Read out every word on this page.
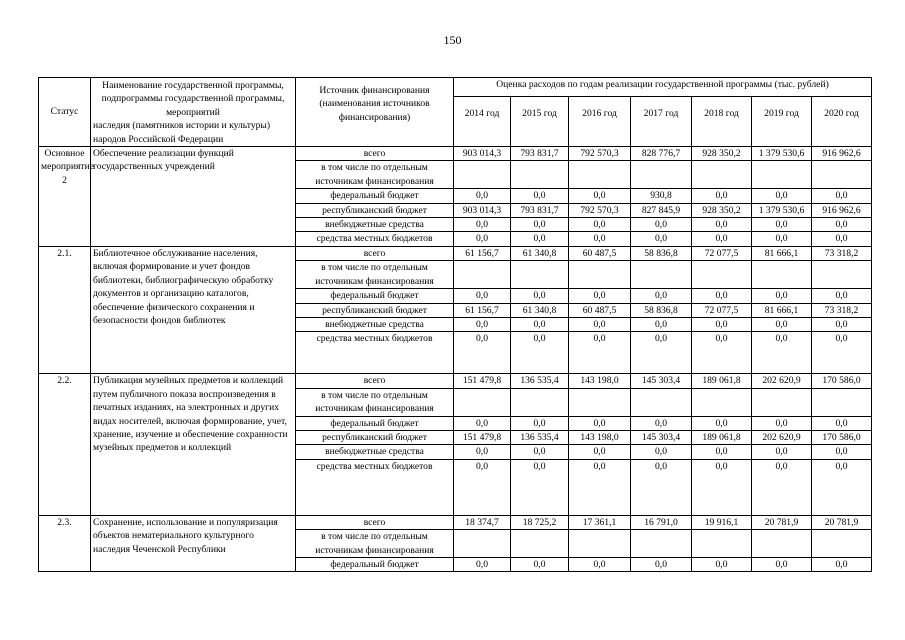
150
Статус	Наименование государственной программы, подпрограммы государственной программы, мероприятий
наследия (памятников истории и культуры) народов Российской Федерации	Источник финансирования (наименования источников финансирования)	Оценка расходов по годам реализации государственной программы (тыс. рублей)						
			2014 год	2015 год	2016 год	2017 год	2018 год	2019 год	2020 год
Основное мероприятие 2	Обеспечение реализации функций государственных учреждений	всего	903 014,3	793 831,7	792 570,3	828 776,7	928 350,2	1 379 530,6	916 962,6
		в том числе по отдельным источникам финансирования							
		федеральный бюджет	0,0	0,0	0,0	930,8	0,0	0,0	0,0
		республиканский бюджет	903 014,3	793 831,7	792 570,3	827 845,9	928 350,2	1 379 530,6	916 962,6
		внебюджетные средства	0,0	0,0	0,0	0,0	0,0	0,0	0,0
		средства местных бюджетов	0,0	0,0	0,0	0,0	0,0	0,0	0,0
2.1.	Библиотечное обслуживание населения, включая формирование и учет фондов библиотеки, библиографическую обработку документов и организацию каталогов, обеспечение физического сохранения и безопасности фондов библиотек	всего	61 156,7	61 340,8	60 487,5	58 836,8	72 077,5	81 666,1	73 318,2
		в том числе по отдельным источникам финансирования							
		федеральный бюджет	0,0	0,0	0,0	0,0	0,0	0,0	0,0
		республиканский бюджет	61 156,7	61 340,8	60 487,5	58 836,8	72 077,5	81 666,1	73 318,2
		внебюджетные средства	0,0	0,0	0,0	0,0	0,0	0,0	0,0
		средства местных бюджетов	0,0	0,0	0,0	0,0	0,0	0,0	0,0
2.2.	Публикация музейных предметов и коллекций путем публичного показа воспроизведения в печатных изданиях, на электронных и других видах носителей, включая формирование, учет, хранение, изучение и обеспечение сохранности музейных предметов и коллекций	всего	151 479,8	136 535,4	143 198,0	145 303,4	189 061,8	202 620,9	170 586,0
		в том числе по отдельным источникам финансирования							
		федеральный бюджет	0,0	0,0	0,0	0,0	0,0	0,0	0,0
		республиканский бюджет	151 479,8	136 535,4	143 198,0	145 303,4	189 061,8	202 620,9	170 586,0
		внебюджетные средства	0,0	0,0	0,0	0,0	0,0	0,0	0,0
		средства местных бюджетов	0,0	0,0	0,0	0,0	0,0	0,0	0,0
2.3.	Сохранение, использование и популяризация объектов нематериального культурного наследия Чеченской Республики	всего	18 374,7	18 725,2	17 361,1	16 791,0	19 916,1	20 781,9	20 781,9
		в том числе по отдельным источникам финансирования							
		федеральный бюджет	0,0	0,0	0,0	0,0	0,0	0,0	0,0
